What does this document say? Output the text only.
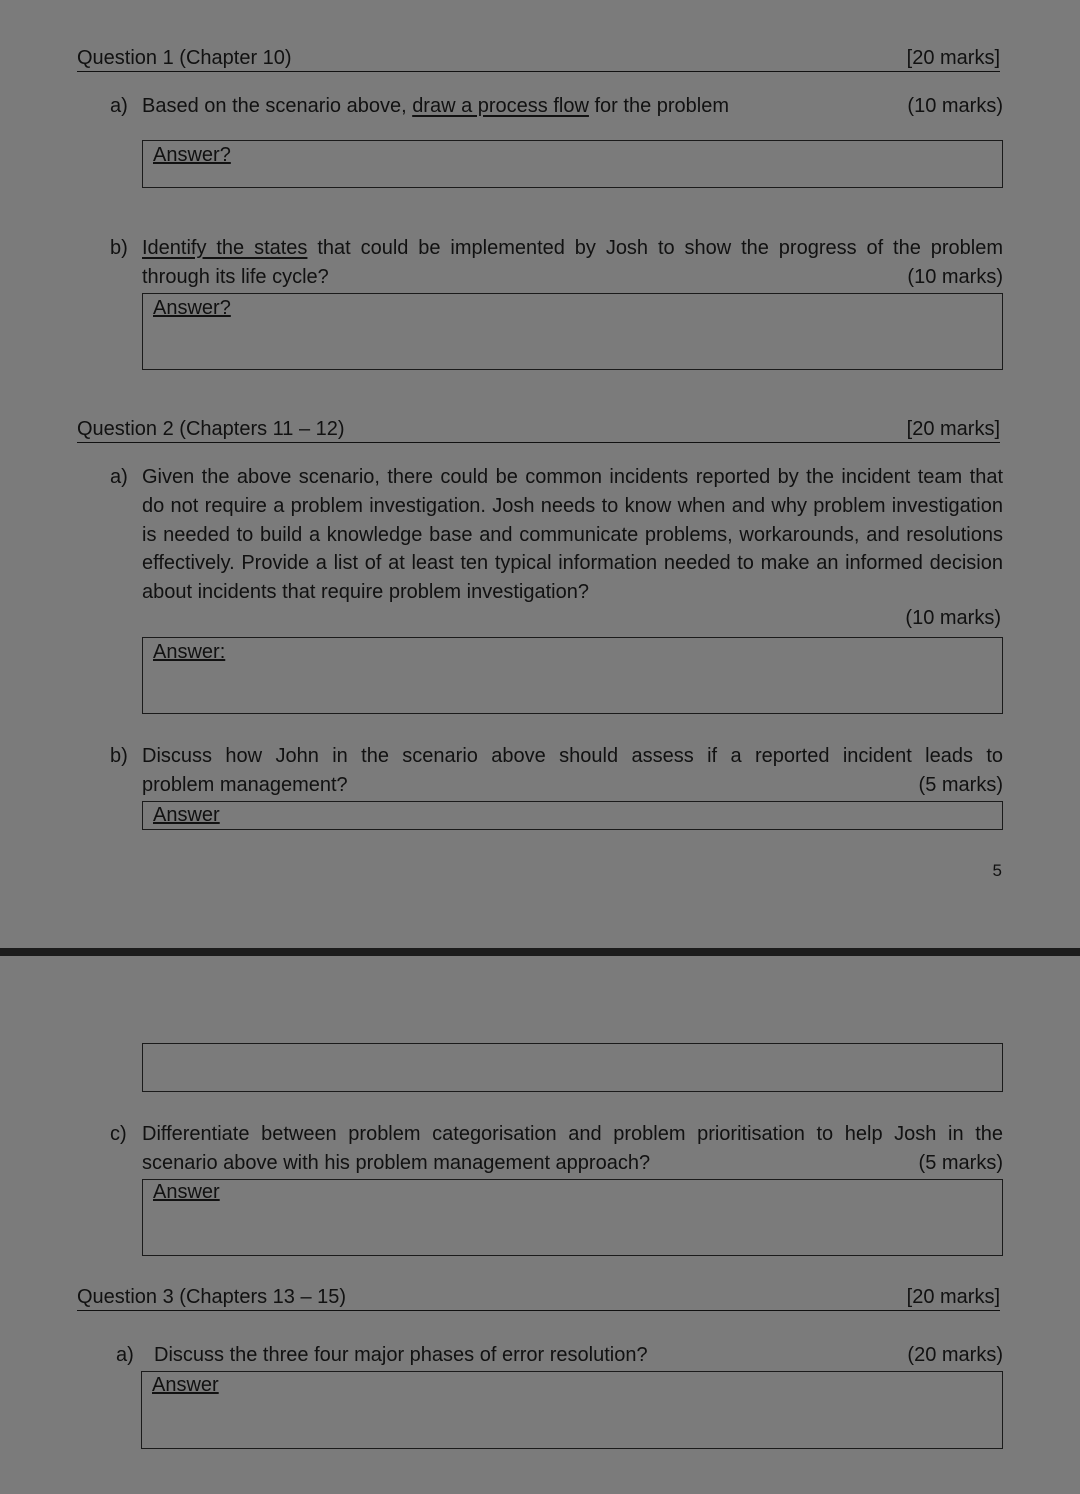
Question 1 (Chapter 10)	[20 marks]
a) Based on the scenario above, draw a process flow for the problem	(10 marks)
Answer?
b) Identify the states that could be implemented by Josh to show the progress of the problem
through its life cycle?	(10 marks)
Answer?
Question 2 (Chapters 11 – 12)	[20 marks]
a) Given the above scenario, there could be common incidents reported by the incident team that do not require a problem investigation. Josh needs to know when and why problem investigation is needed to build a knowledge base and communicate problems, workarounds, and resolutions effectively. Provide a list of at least ten typical information needed to make an informed decision about incidents that require problem investigation?
(10 marks)
Answer:
b) Discuss how John in the scenario above should assess if a reported incident leads to
problem management?	(5 marks)
Answer
5
c) Differentiate between problem categorisation and problem prioritisation to help Josh in the
scenario above with his problem management approach?	(5 marks)
Answer
Question 3 (Chapters 13 – 15)	[20 marks]
a) Discuss the three four major phases of error resolution?	(20 marks)
Answer
